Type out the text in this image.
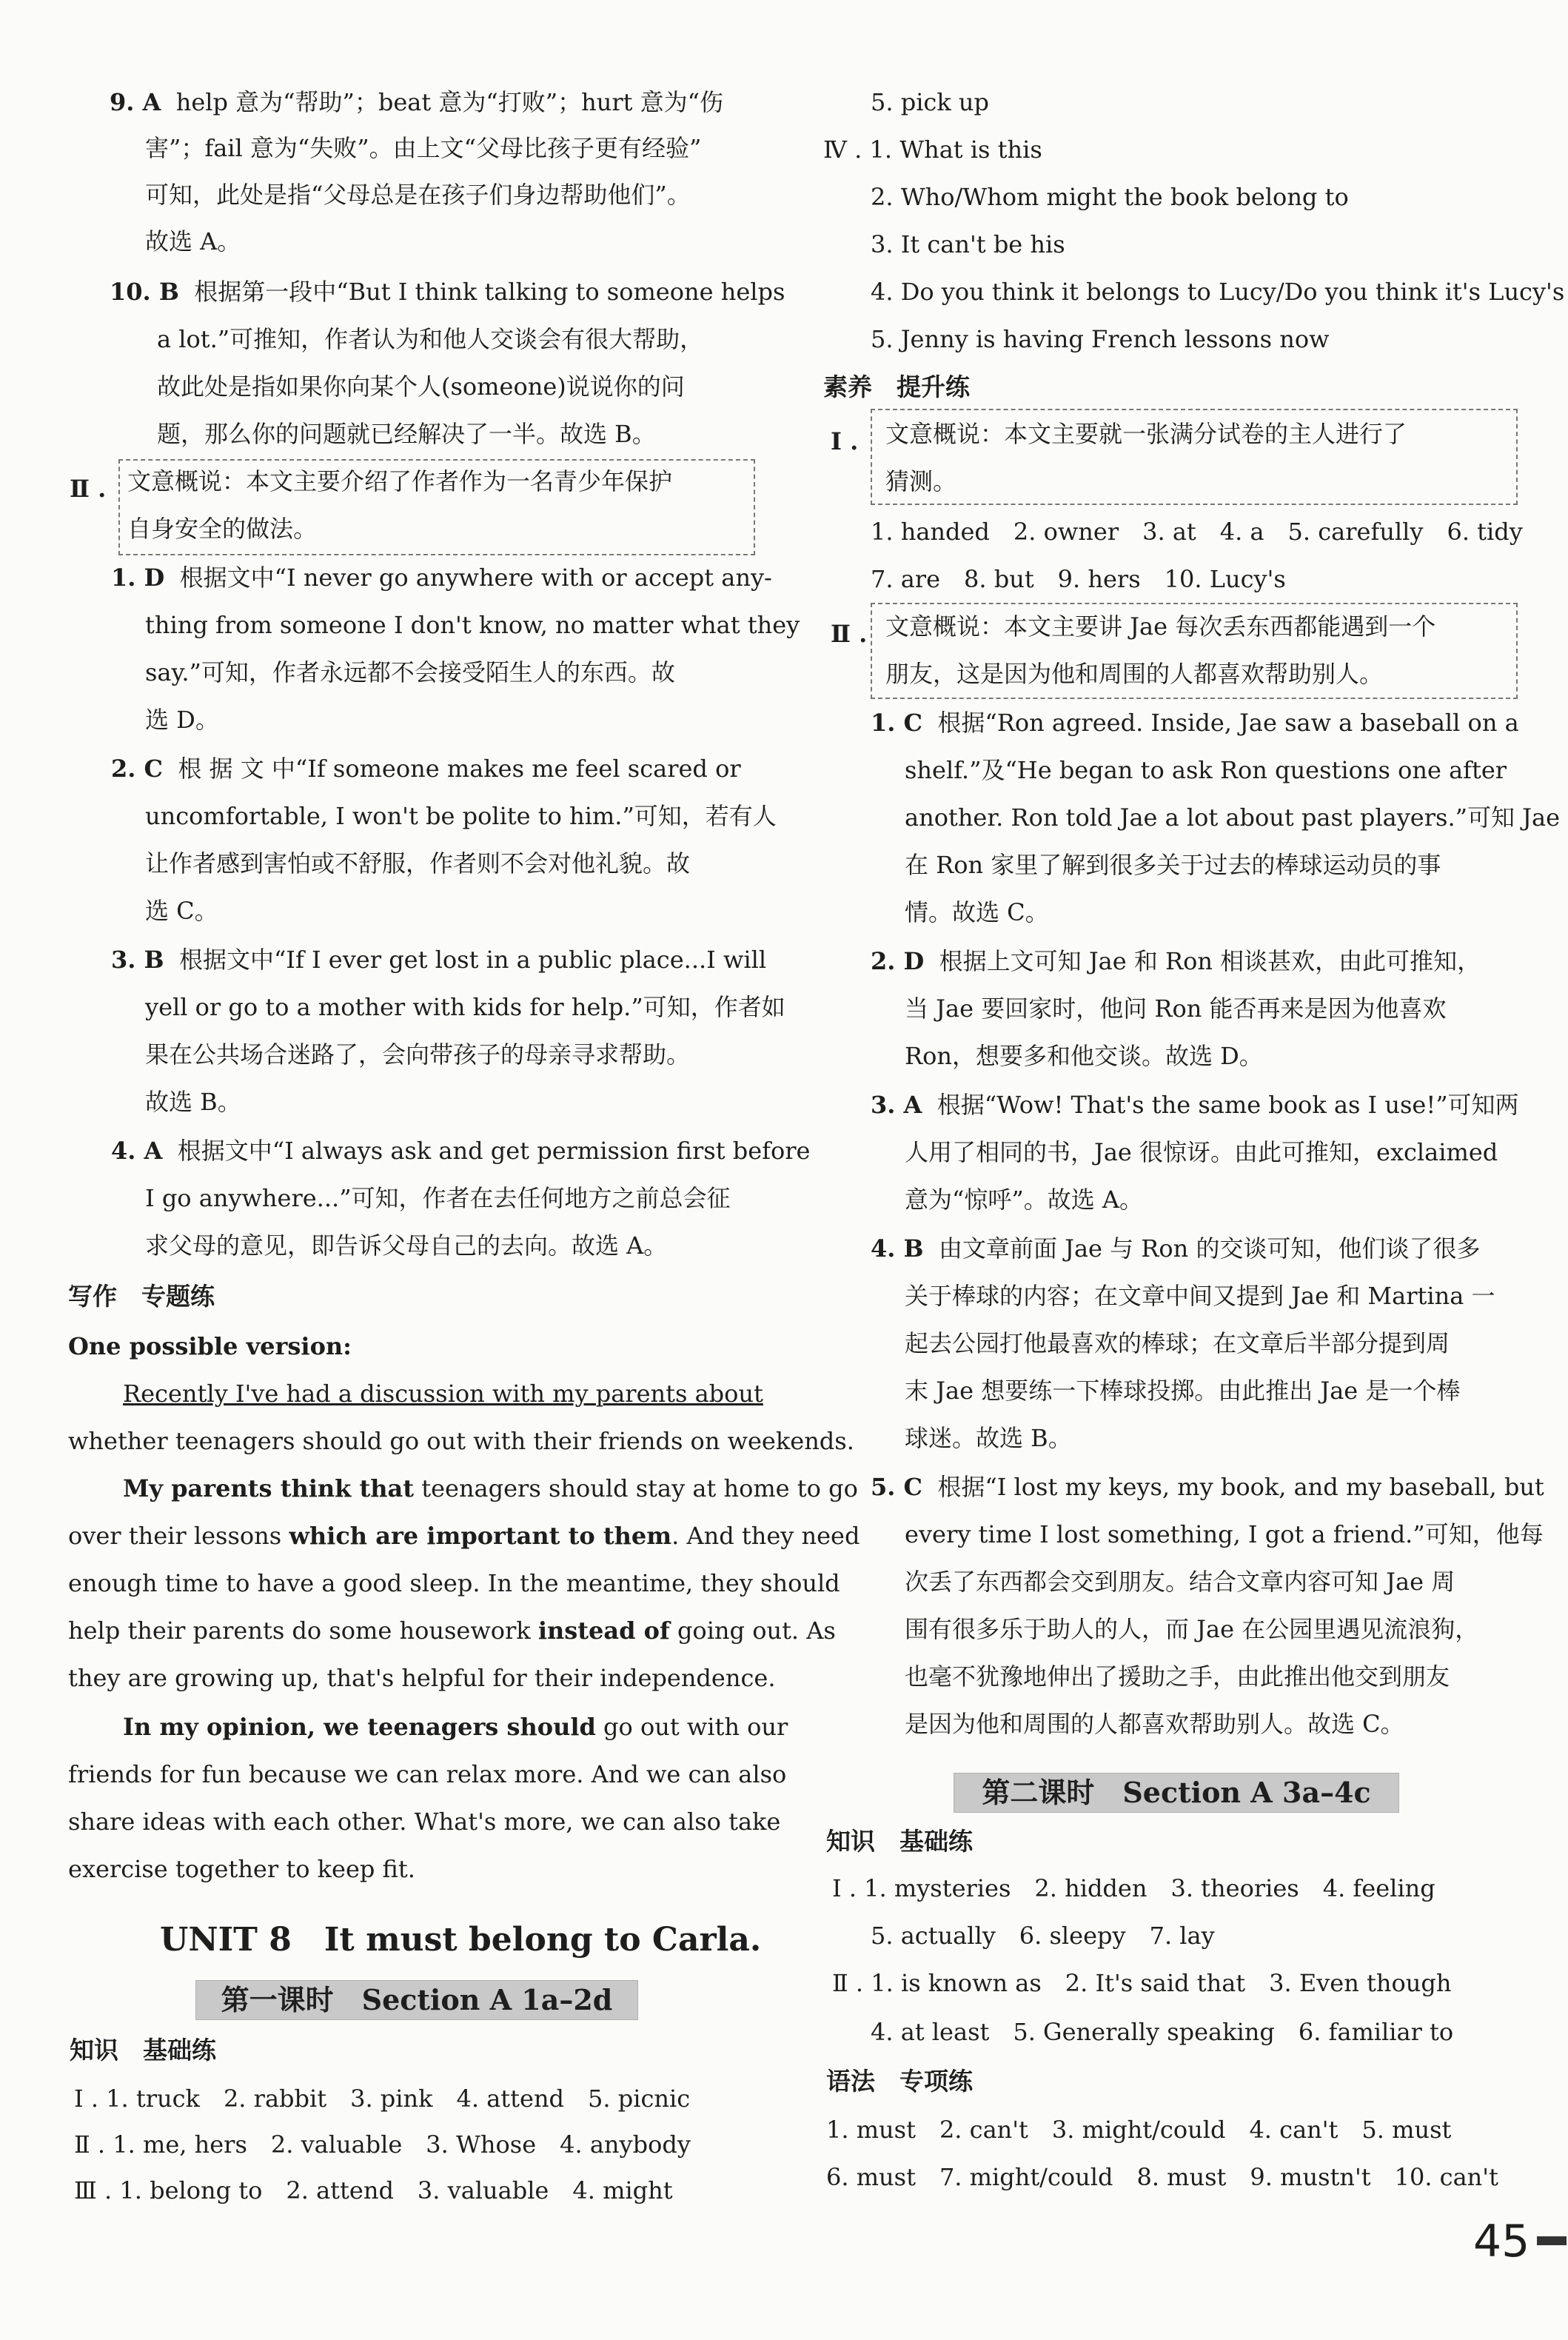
9. A help 意为“帮助”；beat 意为“打败”；hurt 意为“伤
害”；fail 意为“失败”。由上文“父母比孩子更有经验”
可知，此处是指“父母总是在孩子们身边帮助他们”。
故选 A。
10. B 根据第一段中“But I think talking to someone helps
a lot.”可推知，作者认为和他人交谈会有很大帮助，
故此处是指如果你向某个人(someone)说说你的问
题，那么你的问题就已经解决了一半。故选 B。
Ⅱ . 文意概说：本文主要介绍了作者作为一名青少年保护
自身安全的做法。
1. D 根据文中“I never go anywhere with or accept any-
thing from someone I don't know, no matter what they
say.”可知，作者永远都不会接受陌生人的东西。故
选 D。
2. C 根 据 文 中“If someone makes me feel scared or
uncomfortable, I won't be polite to him.”可知，若有人
让作者感到害怕或不舒服，作者则不会对他礼貌。故
选 C。
3. B 根据文中“If I ever get lost in a public place...I will
yell or go to a mother with kids for help.”可知，作者如
果在公共场合迷路了，会向带孩子的母亲寻求帮助。
故选 B。
4. A 根据文中“I always ask and get permission first before
I go anywhere...”可知，作者在去任何地方之前总会征
求父母的意见，即告诉父母自己的去向。故选 A。
写作　专题练
One possible version:
Recently I've had a discussion with my parents about
whether teenagers should go out with their friends on weekends.
My parents think that teenagers should stay at home to go
over their lessons which are important to them. And they need
enough time to have a good sleep. In the meantime, they should
help their parents do some housework instead of going out. As
they are growing up, that's helpful for their independence.
In my opinion, we teenagers should go out with our
friends for fun because we can relax more. And we can also
share ideas with each other. What's more, we can also take
exercise together to keep fit.
UNIT 8　It must belong to Carla.
第一课时　Section A 1a–2d
知识　基础练
Ⅰ . 1. truck　2. rabbit　3. pink　4. attend　5. picnic
Ⅱ . 1. me, hers　2. valuable　3. Whose　4. anybody
Ⅲ . 1. belong to　2. attend　3. valuable　4. might
5. pick up
Ⅳ . 1. What is this
2. Who/Whom might the book belong to
3. It can't be his
4. Do you think it belongs to Lucy/Do you think it's Lucy's
5. Jenny is having French lessons now
素养　提升练
Ⅰ . 文意概说：本文主要就一张满分试卷的主人进行了
猜测。
1. handed　2. owner　3. at　4. a　5. carefully　6. tidy
7. are　8. but　9. hers　10. Lucy's
Ⅱ . 文意概说：本文主要讲 Jae 每次丢东西都能遇到一个
朋友，这是因为他和周围的人都喜欢帮助别人。
1. C 根据“Ron agreed. Inside, Jae saw a baseball on a
shelf.”及“He began to ask Ron questions one after
another. Ron told Jae a lot about past players.”可知 Jae
在 Ron 家里了解到很多关于过去的棒球运动员的事
情。故选 C。
2. D 根据上文可知 Jae 和 Ron 相谈甚欢，由此可推知，
当 Jae 要回家时，他问 Ron 能否再来是因为他喜欢
Ron，想要多和他交谈。故选 D。
3. A 根据“Wow! That's the same book as I use!”可知两
人用了相同的书，Jae 很惊讶。由此可推知，exclaimed
意为“惊呼”。故选 A。
4. B 由文章前面 Jae 与 Ron 的交谈可知，他们谈了很多
关于棒球的内容；在文章中间又提到 Jae 和 Martina 一
起去公园打他最喜欢的棒球；在文章后半部分提到周
末 Jae 想要练一下棒球投掷。由此推出 Jae 是一个棒
球迷。故选 B。
5. C 根据“I lost my keys, my book, and my baseball, but
every time I lost something, I got a friend.”可知，他每
次丢了东西都会交到朋友。结合文章内容可知 Jae 周
围有很多乐于助人的人，而 Jae 在公园里遇见流浪狗，
也毫不犹豫地伸出了援助之手，由此推出他交到朋友
是因为他和周围的人都喜欢帮助别人。故选 C。
第二课时　Section A 3a–4c
知识　基础练
Ⅰ . 1. mysteries　2. hidden　3. theories　4. feeling
5. actually　6. sleepy　7. lay
Ⅱ . 1. is known as　2. It's said that　3. Even though
4. at least　5. Generally speaking　6. familiar to
语法　专项练
1. must　2. can't　3. might/could　4. can't　5. must
6. must　7. might/could　8. must　9. mustn't　10. can't
45
